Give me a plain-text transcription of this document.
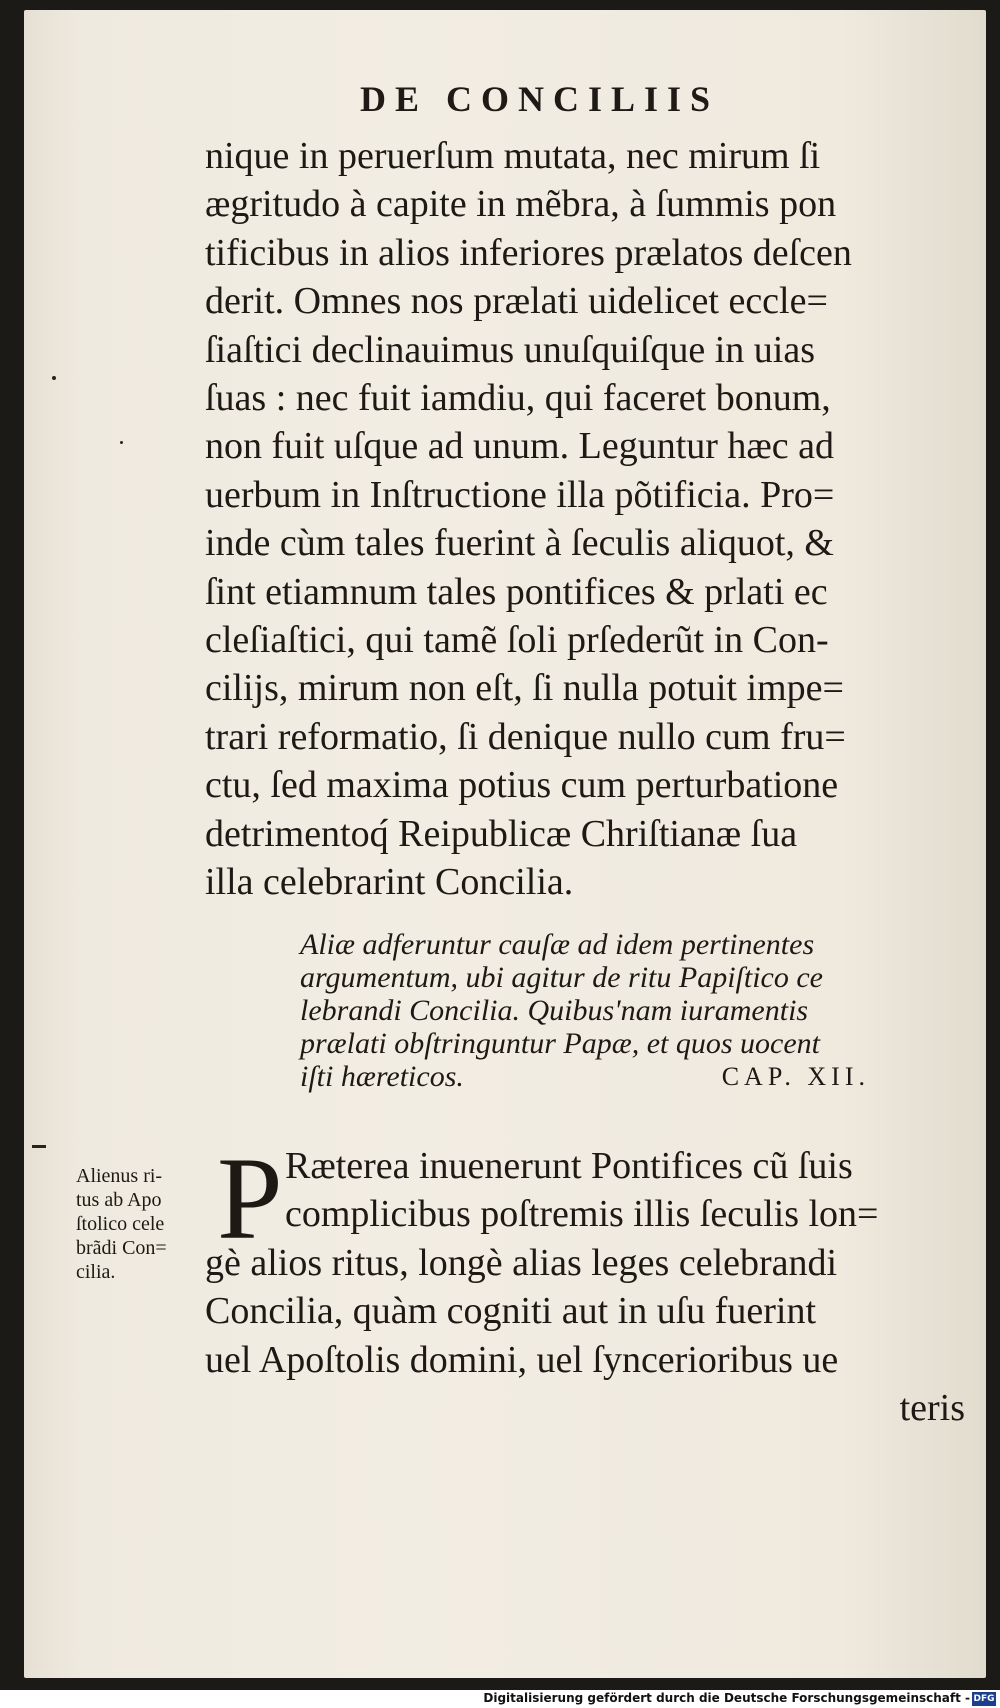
DE CONCILIIS
nique in peruerſum mutata, nec mirum ſi
ægritudo à capite in mẽbra, à ſummis pon
tificibus in alios inferiores prælatos deſcen
derit. Omnes nos prælati uidelicet eccle=
ſiaſtici declinauimus unuſquiſque in uias
ſuas : nec fuit iamdiu, qui faceret bonum,
non fuit uſque ad unum. Leguntur hæc ad
uerbum in Inſtructione illa põtificia. Pro=
inde cùm tales fuerint à ſeculis aliquot, &
ſint etiamnum tales pontifices & prlati ec
cleſiaſtici, qui tamẽ ſoli prſederũt in Con-
cilijs, mirum non eſt, ſi nulla potuit impe=
trari reformatio, ſi denique nullo cum fru=
ctu, ſed maxima potius cum perturbatione
detrimentoq́ Reipublicæ Chriſtianæ ſua
illa celebrarint Concilia.
Aliæ adferuntur cauſæ ad idem pertinentes
argumentum, ubi agitur de ritu Papiſtico ce
lebrandi Concilia. Quibus'nam iuramentis
prælati obſtringuntur Papæ, et quos uocent
iſti hæreticos.	CAP. XII.
Alienus ri-
tus ab Apo
ſtolico cele
brãdi Con=
cilia.
P Ræterea inuenerunt Pontifices cũ ſuis
complicibus poſtremis illis ſeculis lon=
gè alios ritus, longè alias leges celebrandi
Concilia, quàm cogniti aut in uſu fuerint
uel Apoſtolis domini, uel ſyncerioribus ue
teris
Digitalisierung gefördert durch die Deutsche Forschungsgemeinschaft - DFG
